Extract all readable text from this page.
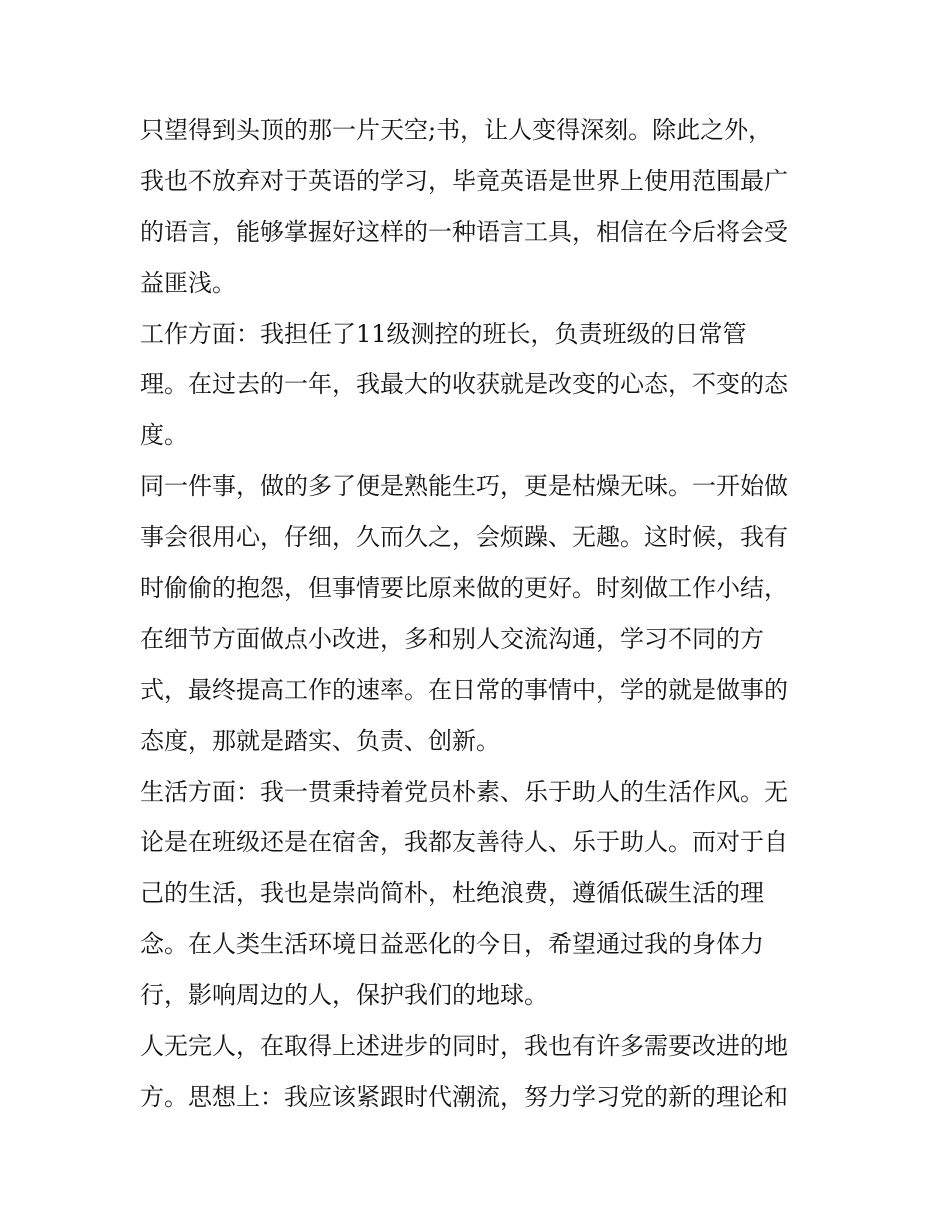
只望得到头顶的那一片天空;书，让人变得深刻。除此之外，
我也不放弃对于英语的学习，毕竟英语是世界上使用范围最广
的语言，能够掌握好这样的一种语言工具，相信在今后将会受
益匪浅。
工作方面：我担任了11级测控的班长，负责班级的日常管
理。在过去的一年，我最大的收获就是改变的心态，不变的态
度。
同一件事，做的多了便是熟能生巧，更是枯燥无味。一开始做
事会很用心，仔细，久而久之，会烦躁、无趣。这时候，我有
时偷偷的抱怨，但事情要比原来做的更好。时刻做工作小结，
在细节方面做点小改进，多和别人交流沟通，学习不同的方
式，最终提高工作的速率。在日常的事情中，学的就是做事的
态度，那就是踏实、负责、创新。
生活方面：我一贯秉持着党员朴素、乐于助人的生活作风。无
论是在班级还是在宿舍，我都友善待人、乐于助人。而对于自
己的生活，我也是崇尚简朴，杜绝浪费，遵循低碳生活的理
念。在人类生活环境日益恶化的今日，希望通过我的身体力
行，影响周边的人，保护我们的地球。
人无完人，在取得上述进步的同时，我也有许多需要改进的地
方。思想上：我应该紧跟时代潮流，努力学习党的新的理论和
